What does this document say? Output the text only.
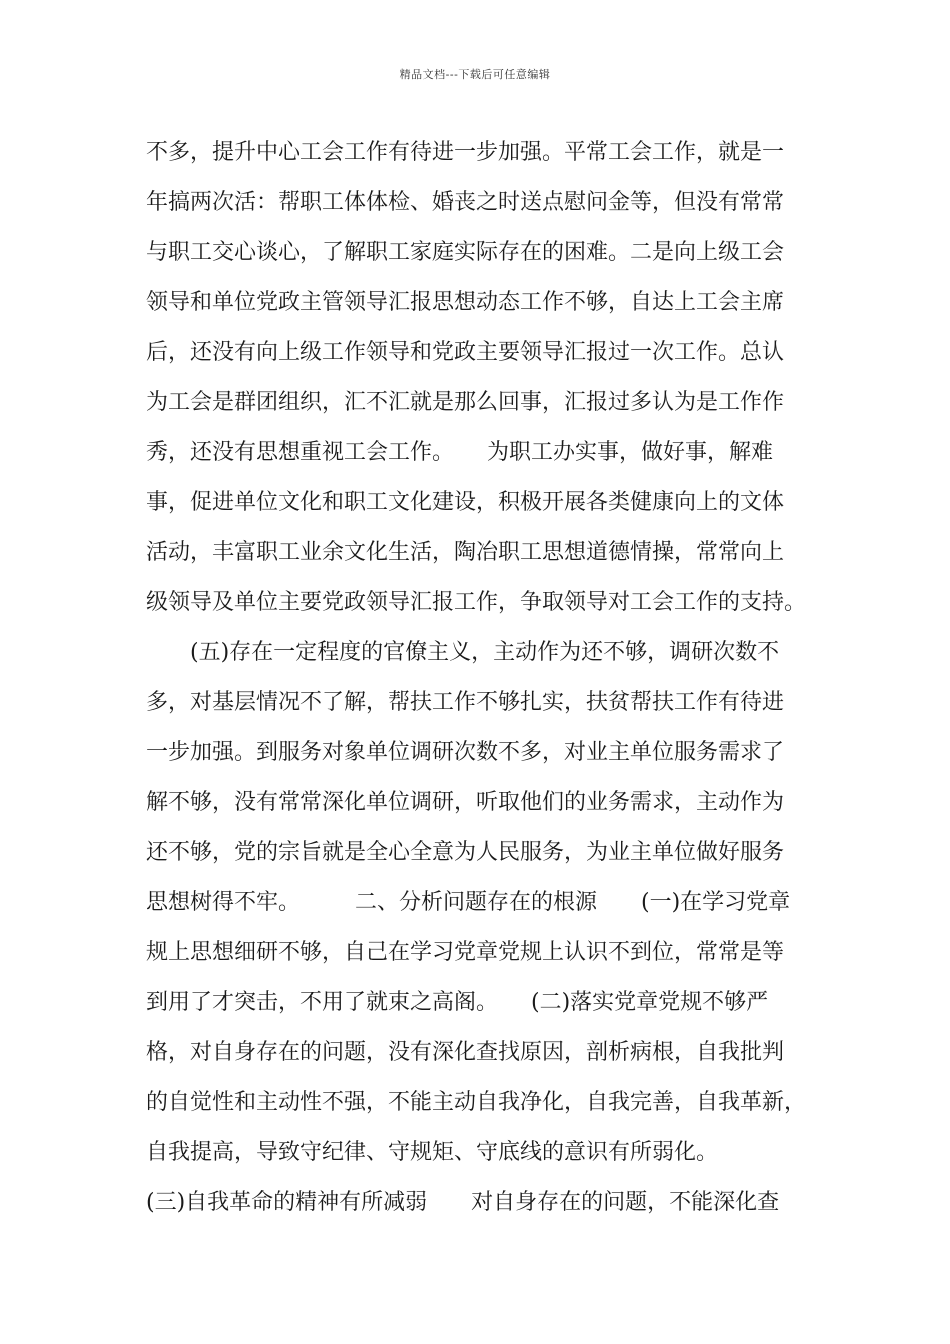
精品文档---下载后可任意编辑
不多，提升中心工会工作有待进一步加强。平常工会工作，就是一
年搞两次活：帮职工体体检、婚丧之时送点慰问金等，但没有常常
与职工交心谈心，了解职工家庭实际存在的困难。二是向上级工会
领导和单位党政主管领导汇报思想动态工作不够，自达上工会主席
后，还没有向上级工作领导和党政主要领导汇报过一次工作。总认
为工会是群团组织，汇不汇就是那么回事，汇报过多认为是工作作
秀，还没有思想重视工会工作。　　为职工办实事，做好事，解难
事，促进单位文化和职工文化建设，积极开展各类健康向上的文体
活动，丰富职工业余文化生活，陶冶职工思想道德情操，常常向上
级领导及单位主要党政领导汇报工作，争取领导对工会工作的支持。
　　(五)存在一定程度的官僚主义，主动作为还不够，调研次数不
多，对基层情况不了解，帮扶工作不够扎实，扶贫帮扶工作有待进
一步加强。到服务对象单位调研次数不多，对业主单位服务需求了
解不够，没有常常深化单位调研，听取他们的业务需求，主动作为
还不够，党的宗旨就是全心全意为人民服务，为业主单位做好服务
思想树得不牢。　　　二、分析问题存在的根源　　(一)在学习党章
规上思想细研不够，自己在学习党章党规上认识不到位，常常是等
到用了才突击，不用了就束之高阁。　　(二)落实党章党规不够严
格，对自身存在的问题，没有深化查找原因，剖析病根，自我批判
的自觉性和主动性不强，不能主动自我净化，自我完善，自我革新，
自我提高，导致守纪律、守规矩、守底线的意识有所弱化。
(三)自我革命的精神有所减弱　　对自身存在的问题，不能深化查
